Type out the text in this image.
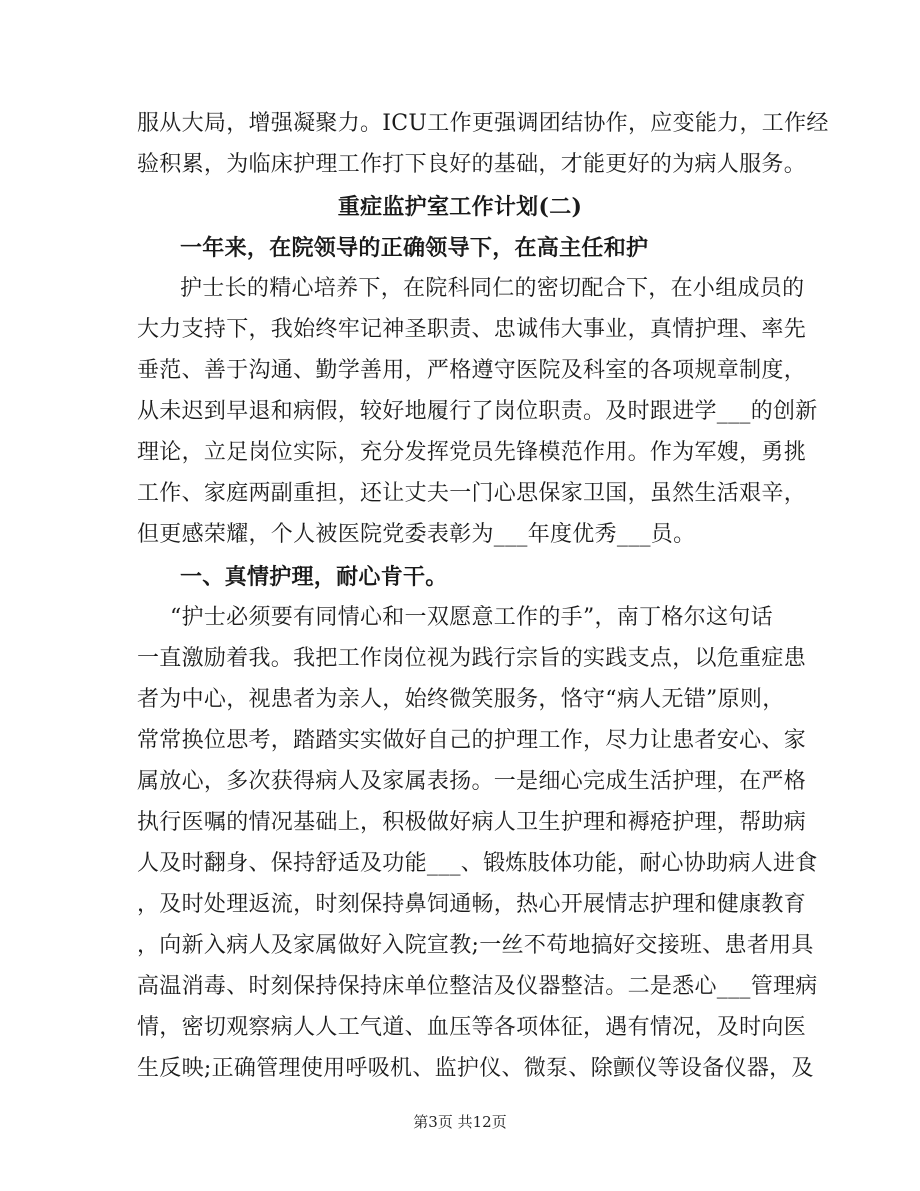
服从大局，增强凝聚力。ICU工作更强调团结协作，应变能力，工作经
验积累，为临床护理工作打下良好的基础，才能更好的为病人服务。
重症监护室工作计划(二)
一年来，在院领导的正确领导下，在高主任和护
护士长的精心培养下，在院科同仁的密切配合下，在小组成员的
大力支持下，我始终牢记神圣职责、忠诚伟大事业，真情护理、率先
垂范、善于沟通、勤学善用，严格遵守医院及科室的各项规章制度，
从未迟到早退和病假，较好地履行了岗位职责。及时跟进学___的创新
理论，立足岗位实际，充分发挥党员先锋模范作用。作为军嫂，勇挑
工作、家庭两副重担，还让丈夫一门心思保家卫国，虽然生活艰辛，
但更感荣耀，个人被医院党委表彰为___年度优秀___员。
一、真情护理，耐心肯干。
“护士必须要有同情心和一双愿意工作的手”，南丁格尔这句话
一直激励着我。我把工作岗位视为践行宗旨的实践支点，以危重症患
者为中心，视患者为亲人，始终微笑服务，恪守“病人无错”原则，
常常换位思考，踏踏实实做好自己的护理工作，尽力让患者安心、家
属放心，多次获得病人及家属表扬。一是细心完成生活护理，在严格
执行医嘱的情况基础上，积极做好病人卫生护理和褥疮护理，帮助病
人及时翻身、保持舒适及功能___、锻炼肢体功能，耐心协助病人进食
，及时处理返流，时刻保持鼻饲通畅，热心开展情志护理和健康教育
，向新入病人及家属做好入院宣教;一丝不苟地搞好交接班、患者用具
高温消毒、时刻保持保持床单位整洁及仪器整洁。二是悉心___管理病
情，密切观察病人人工气道、血压等各项体征，遇有情况，及时向医
生反映;正确管理使用呼吸机、监护仪、微泵、除颤仪等设备仪器，及
第3页 共12页
